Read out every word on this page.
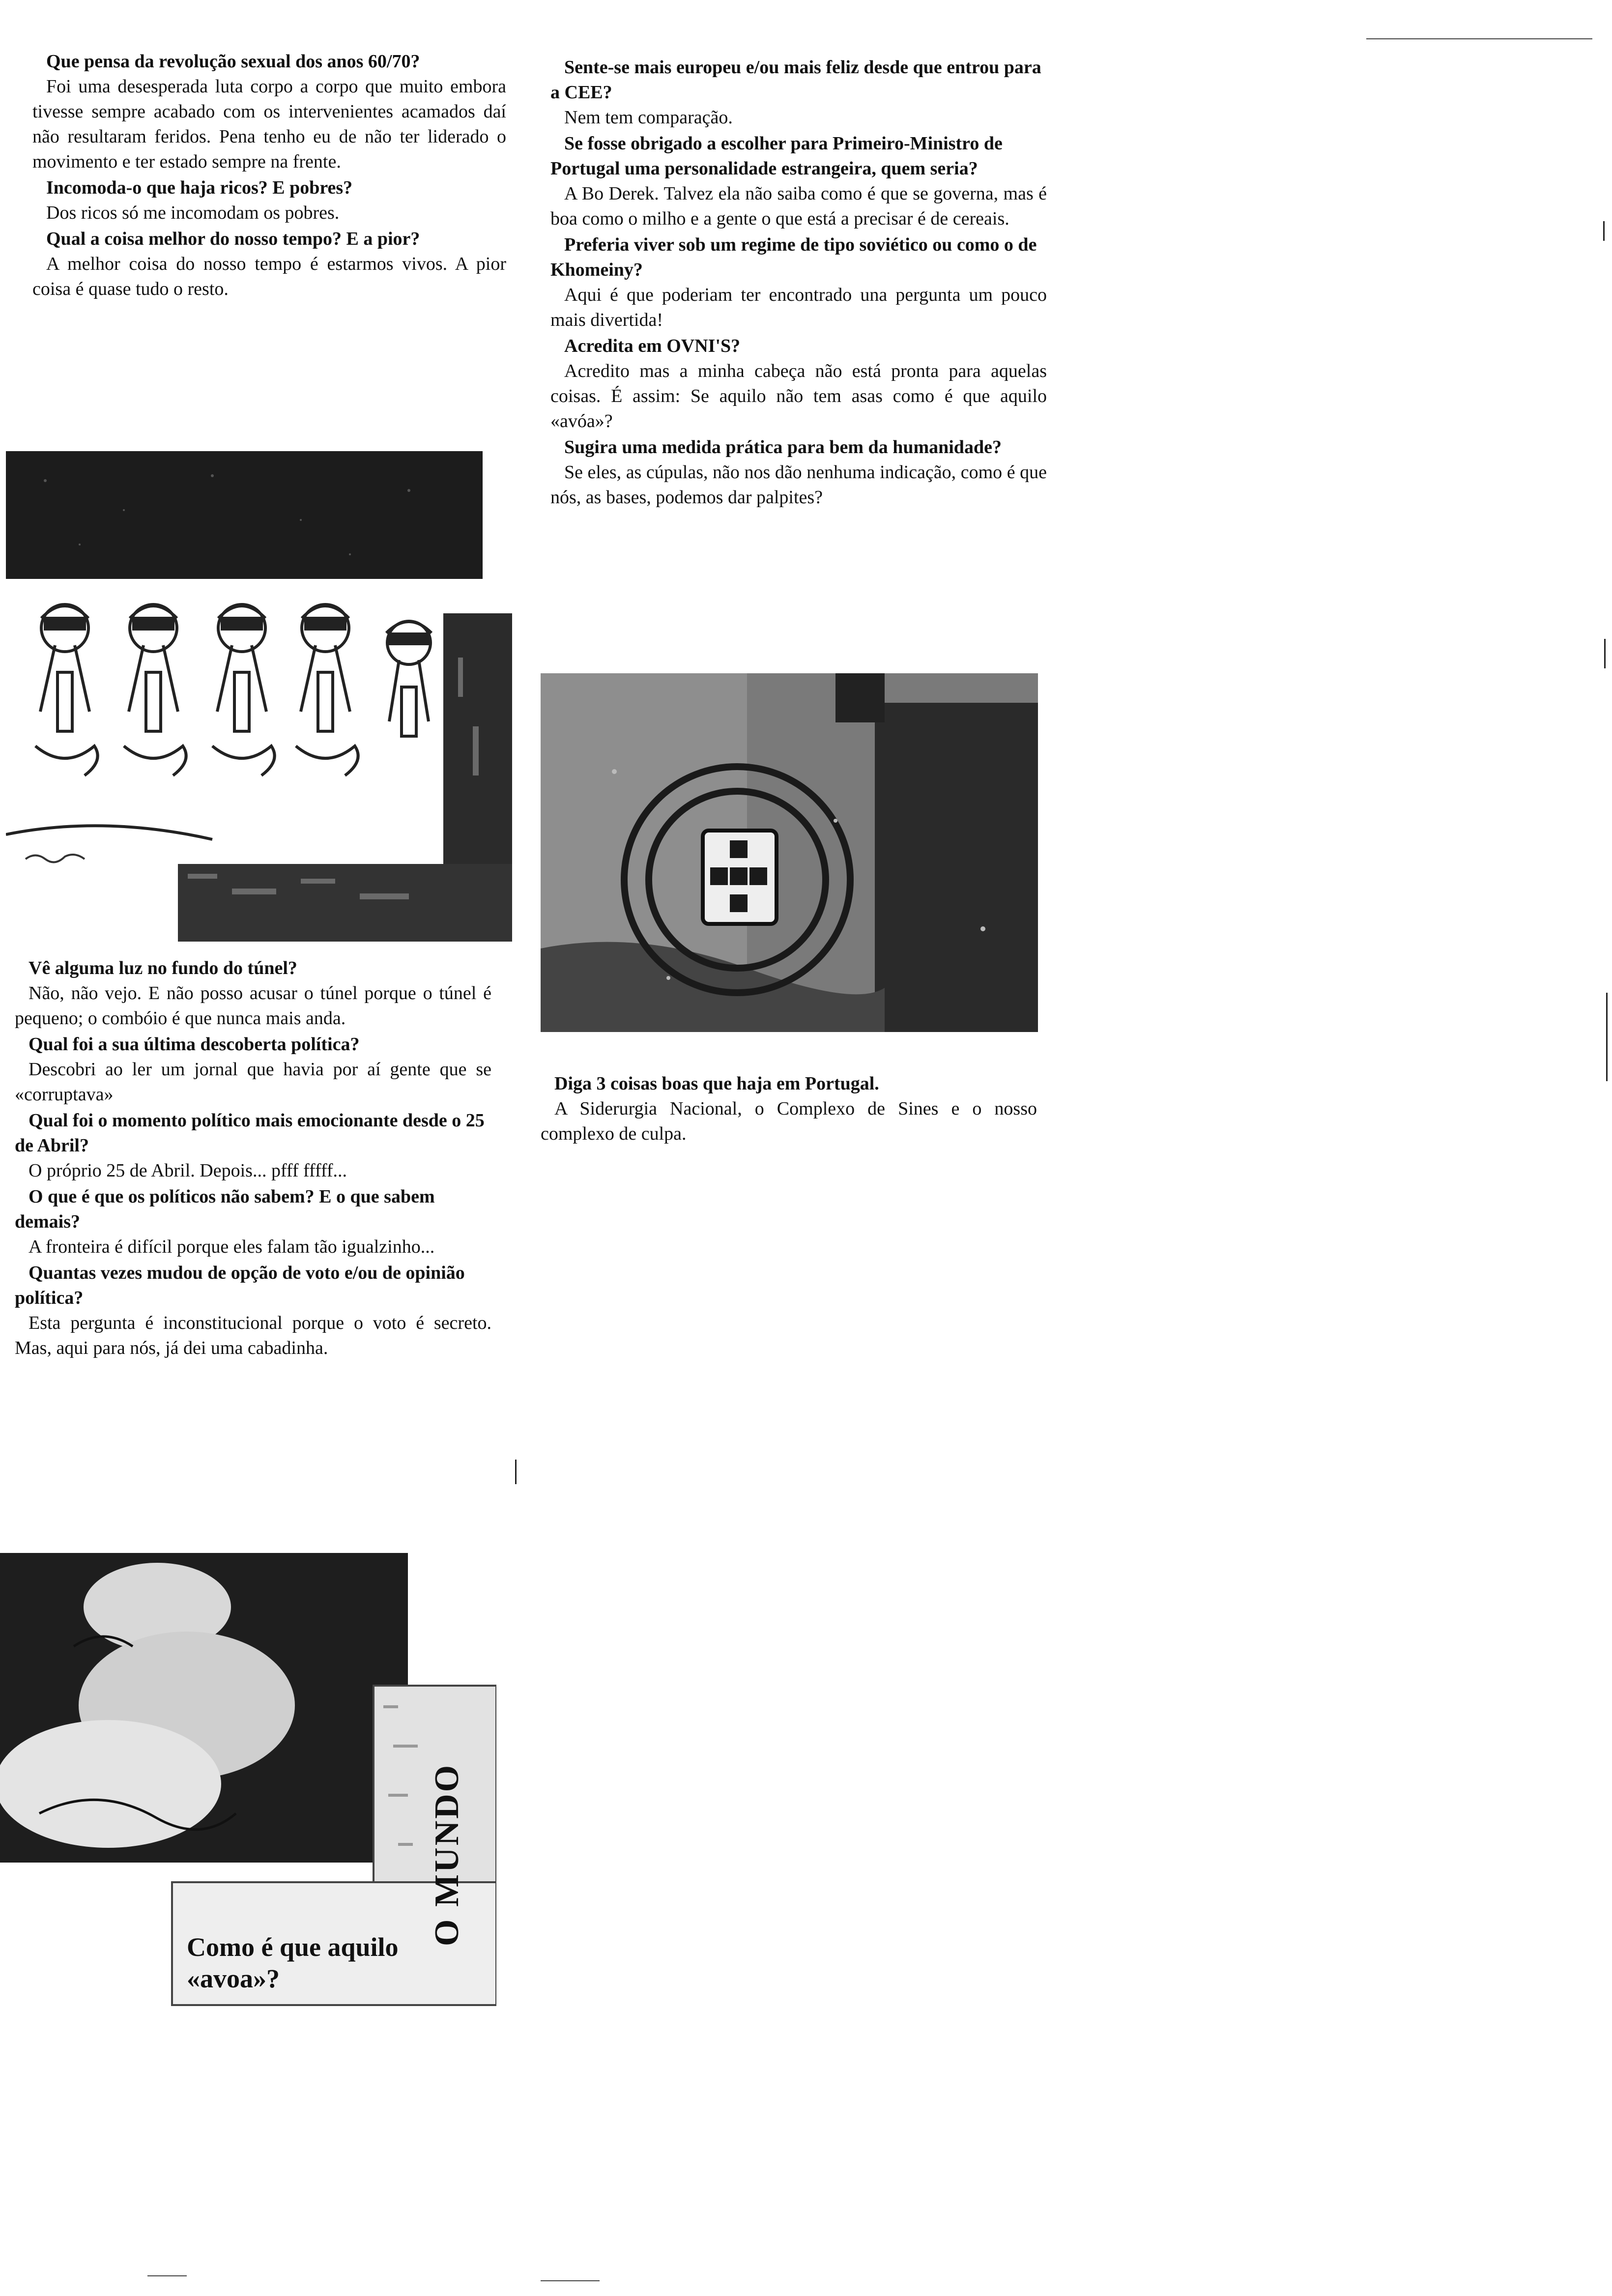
Que pensa da revolução sexual dos anos 60/70?

Foi uma desesperada luta corpo a corpo que muito embora tivesse sempre acabado com os intervenientes acamados daí não resultaram feridos. Pena tenho eu de não ter liderado o movimento e ter estado sempre na frente.

Incomoda-o que haja ricos? E pobres?

Dos ricos só me incomodam os pobres.

Qual a coisa melhor do nosso tempo? E a pior?

A melhor coisa do nosso tempo é estarmos vivos. A pior coisa é quase tudo o resto.

Vê alguma luz no fundo do túnel?

Não, não vejo. E não posso acusar o túnel porque o túnel é pequeno; o combóio é que nunca mais anda.

Qual foi a sua última descoberta política?

Descobri ao ler um jornal que havia por aí gente que se «corruptava»

Qual foi o momento político mais emocionante desde o 25 de Abril?

O próprio 25 de Abril. Depois... pfff fffff...

O que é que os políticos não sabem? E o que sabem demais?

A fronteira é difícil porque eles falam tão igualzinho...

Quantas vezes mudou de opção de voto e/ou de opinião política?

Esta pergunta é inconstitucional porque o voto é secreto. Mas, aqui para nós, já dei uma cabadinha.

Sente-se mais europeu e/ou mais feliz desde que entrou para a CEE?

Nem tem comparação.

Se fosse obrigado a escolher para Primeiro-Ministro de Portugal uma personalidade estrangeira, quem seria?

A Bo Derek. Talvez ela não saiba como é que se governa, mas é boa como o milho e a gente o que está a precisar é de cereais.

Preferia viver sob um regime de tipo soviético ou como o de Khomeiny?

Aqui é que poderiam ter encontrado una pergunta um pouco mais divertida!

Acredita em OVNI'S?

Acredito mas a minha cabeça não está pronta para aquelas coisas. É assim: Se aquilo não tem asas como é que aquilo «avóa»?

Sugira uma medida prática para bem da humanidade?

Se eles, as cúpulas, não nos dão nenhuma indicação, como é que nós, as bases, podemos dar palpites?

Diga 3 coisas boas que haja em Portugal.

A Siderurgia Nacional, o Complexo de Sines e o nosso complexo de culpa.

O MUNDO
Como é que aquilo «avoa»?
